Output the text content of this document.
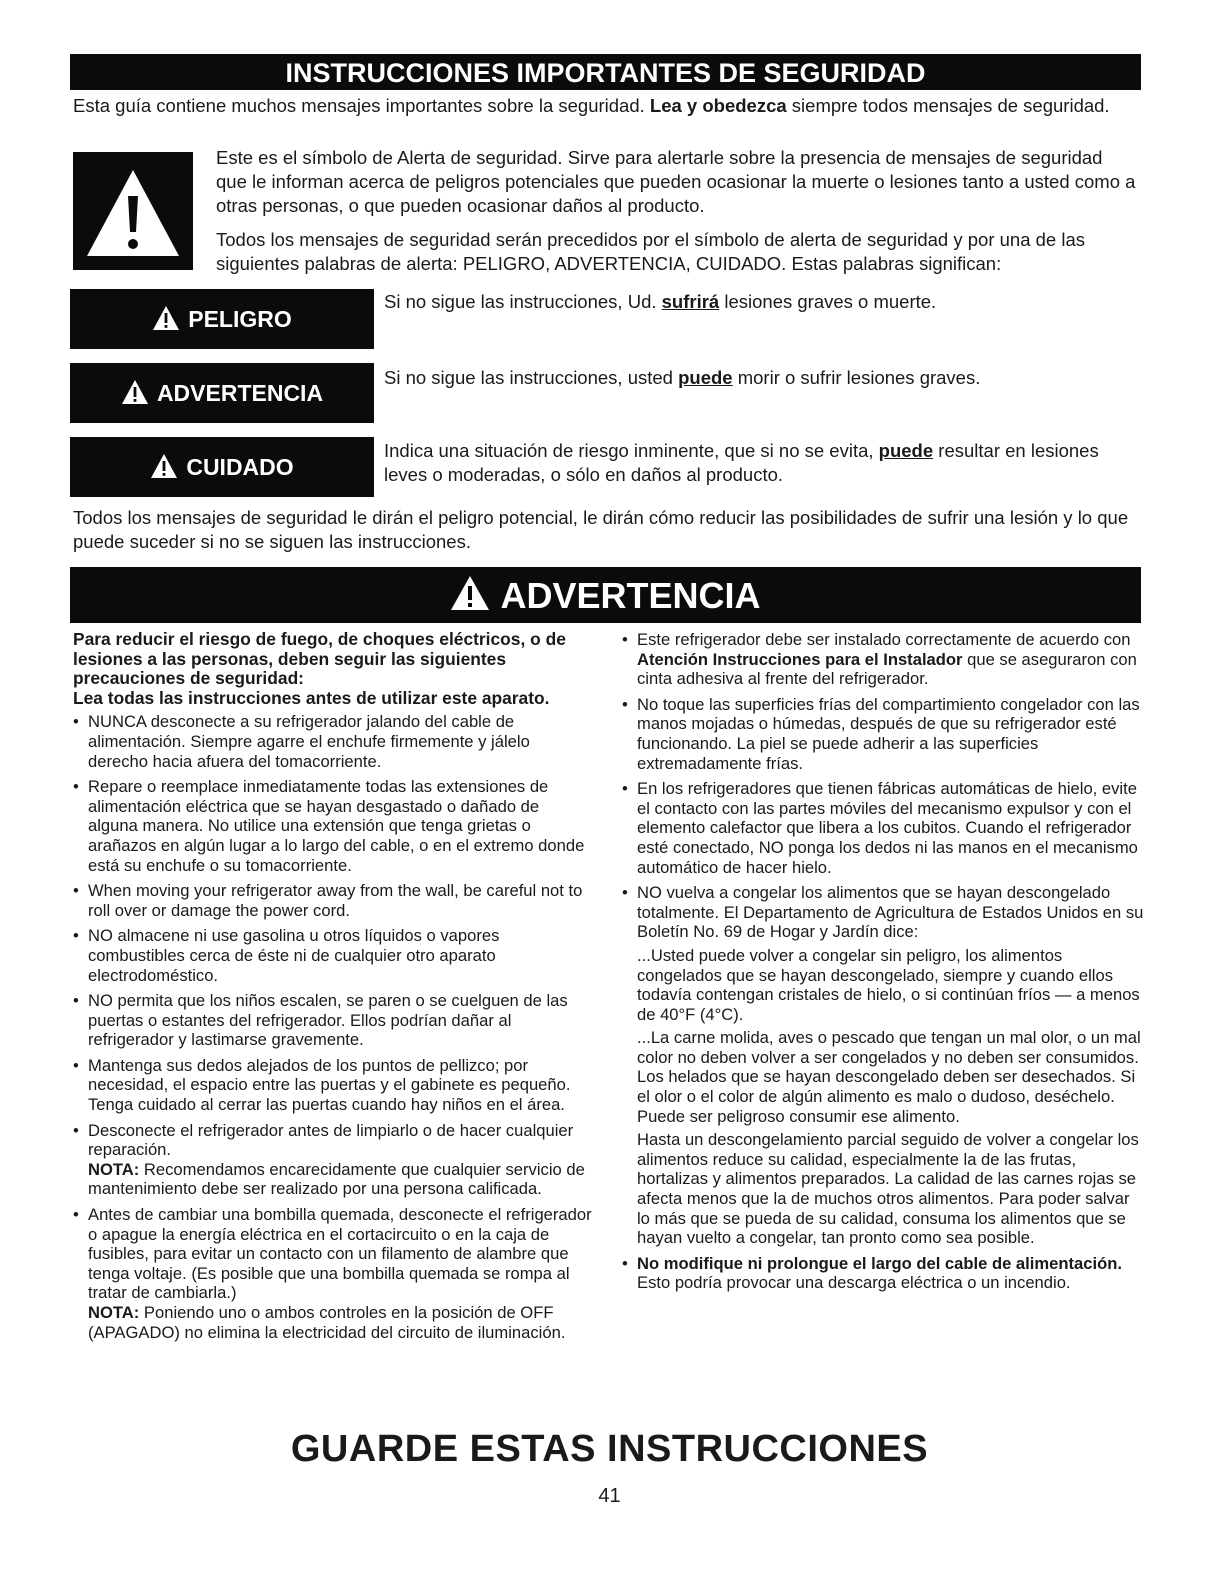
INSTRUCCIONES IMPORTANTES DE SEGURIDAD
Esta guía contiene muchos mensajes importantes sobre la seguridad. Lea y obedezca siempre todos mensajes de seguridad.

Este es el símbolo de Alerta de seguridad. Sirve para alertarle sobre la presencia de mensajes de seguridad que le informan acerca de peligros potenciales que pueden ocasionar la muerte o lesiones tanto a usted como a otras personas, o que pueden ocasionar daños al producto.

Todos los mensajes de seguridad serán precedidos por el símbolo de alerta de seguridad y por una de las siguientes palabras de alerta: PELIGRO, ADVERTENCIA, CUIDADO. Estas palabras significan:

PELIGRO
Si no sigue las instrucciones, Ud. sufrirá lesiones graves o muerte.
ADVERTENCIA
Si no sigue las instrucciones, usted puede morir o sufrir lesiones graves.
CUIDADO
Indica una situación de riesgo inminente, que si no se evita, puede resultar en lesiones leves o moderadas, o sólo en daños al producto.
Todos los mensajes de seguridad le dirán el peligro potencial, le dirán cómo reducir las posibilidades de sufrir una lesión y lo que puede suceder si no se siguen las instrucciones.
ADVERTENCIA
Para reducir el riesgo de fuego, de choques eléctricos, o de lesiones a las personas, deben seguir las siguientes precauciones de seguridad:
Lea todas las instrucciones antes de utilizar este aparato.

• NUNCA desconecte a su refrigerador jalando del cable de alimentación. Siempre agarre el enchufe firmemente y jálelo derecho hacia afuera del tomacorriente.

• Repare o reemplace inmediatamente todas las extensiones de alimentación eléctrica que se hayan desgastado o dañado de alguna manera. No utilice una extensión que tenga grietas o arañazos en algún lugar a lo largo del cable, o en el extremo donde está su enchufe o su tomacorriente.

• When moving your refrigerator away from the wall, be careful not to roll over or damage the power cord.

• NO almacene ni use gasolina u otros líquidos o vapores combustibles cerca de éste ni de cualquier otro aparato electrodoméstico.

• NO permita que los niños escalen, se paren o se cuelguen de las puertas o estantes del refrigerador. Ellos podrían dañar al refrigerador y lastimarse gravemente.

• Mantenga sus dedos alejados de los puntos de pellizco; por necesidad, el espacio entre las puertas y el gabinete es pequeño. Tenga cuidado al cerrar las puertas cuando hay niños en el área.

• Desconecte el refrigerador antes de limpiarlo o de hacer cualquier reparación.

NOTA: Recomendamos encarecidamente que cualquier servicio de mantenimiento debe ser realizado por una persona calificada.

• Antes de cambiar una bombilla quemada, desconecte el refrigerador o apague la energía eléctrica en el cortacircuito o en la caja de fusibles, para evitar un contacto con un filamento de alambre que tenga voltaje. (Es posible que una bombilla quemada se rompa al tratar de cambiarla.)

NOTA: Poniendo uno o ambos controles en la posición de OFF (APAGADO) no elimina la electricidad del circuito de iluminación.

• Este refrigerador debe ser instalado correctamente de acuerdo con Atención Instrucciones para el Instalador que se aseguraron con cinta adhesiva al frente del refrigerador.

• No toque las superficies frías del compartimiento congelador con las manos mojadas o húmedas, después de que su refrigerador esté funcionando. La piel se puede adherir a las superficies extremadamente frías.

• En los refrigeradores que tienen fábricas automáticas de hielo, evite el contacto con las partes móviles del mecanismo expulsor y con el elemento calefactor que libera a los cubitos. Cuando el refrigerador esté conectado, NO ponga los dedos ni las manos en el mecanismo automático de hacer hielo.

• NO vuelva a congelar los alimentos que se hayan descongelado totalmente. El Departamento de Agricultura de Estados Unidos en su Boletín No. 69 de Hogar y Jardín dice:

...Usted puede volver a congelar sin peligro, los alimentos congelados que se hayan descongelado, siempre y cuando ellos todavía contengan cristales de hielo, o si continúan fríos — a menos de 40°F (4°C).

...La carne molida, aves o pescado que tengan un mal olor, o un mal color no deben volver a ser congelados y no deben ser consumidos. Los helados que se hayan descongelado deben ser desechados. Si el olor o el color de algún alimento es malo o dudoso, deséchelo. Puede ser peligroso consumir ese alimento.

Hasta un descongelamiento parcial seguido de volver a congelar los alimentos reduce su calidad, especialmente la de las frutas, hortalizas y alimentos preparados. La calidad de las carnes rojas se afecta menos que la de muchos otros alimentos. Para poder salvar lo más que se pueda de su calidad, consuma los alimentos que se hayan vuelto a congelar, tan pronto como sea posible.

• No modifique ni prolongue el largo del cable de alimentación.

Esto podría provocar una descarga eléctrica o un incendio.

GUARDE ESTAS INSTRUCCIONES
41
